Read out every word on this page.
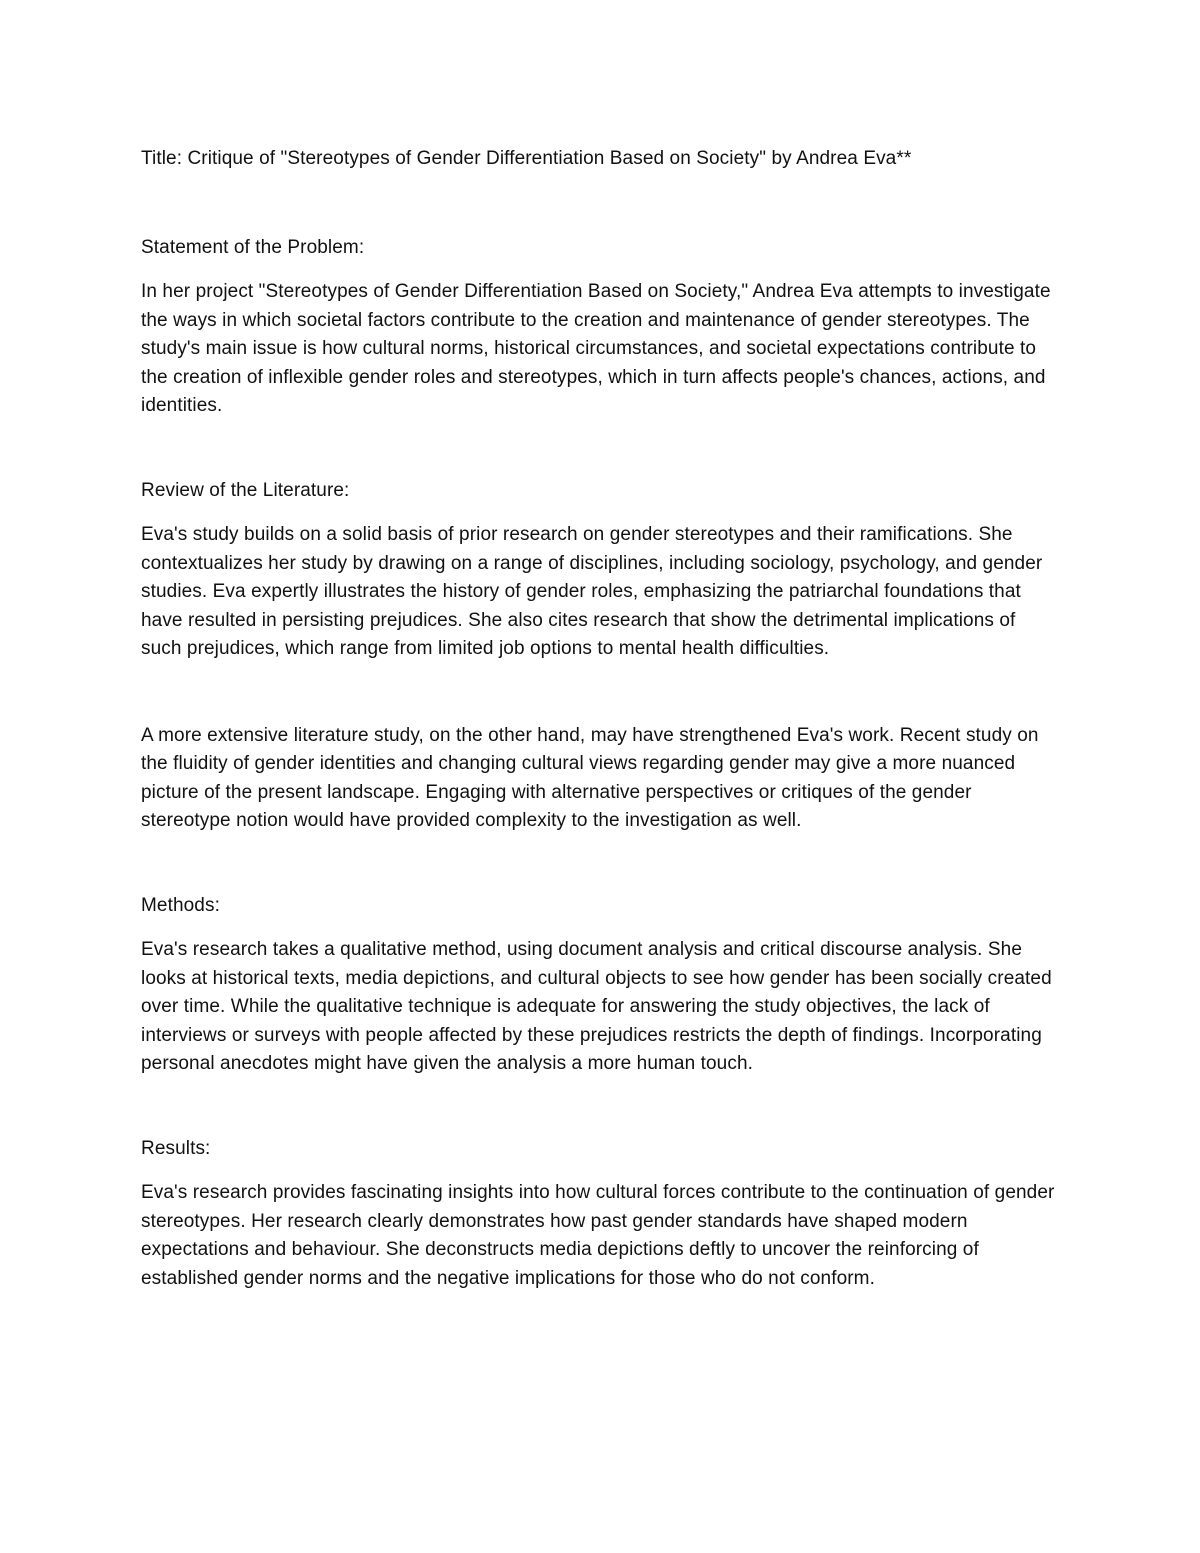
Title: Critique of "Stereotypes of Gender Differentiation Based on Society" by Andrea Eva**

Statement of the Problem:

In her project "Stereotypes of Gender Differentiation Based on Society," Andrea Eva attempts to investigate the ways in which societal factors contribute to the creation and maintenance of gender stereotypes. The study's main issue is how cultural norms, historical circumstances, and societal expectations contribute to the creation of inflexible gender roles and stereotypes, which in turn affects people's chances, actions, and identities.

Review of the Literature:

Eva's study builds on a solid basis of prior research on gender stereotypes and their ramifications. She contextualizes her study by drawing on a range of disciplines, including sociology, psychology, and gender studies. Eva expertly illustrates the history of gender roles, emphasizing the patriarchal foundations that have resulted in persisting prejudices. She also cites research that show the detrimental implications of such prejudices, which range from limited job options to mental health difficulties.

A more extensive literature study, on the other hand, may have strengthened Eva's work. Recent study on the fluidity of gender identities and changing cultural views regarding gender may give a more nuanced picture of the present landscape. Engaging with alternative perspectives or critiques of the gender stereotype notion would have provided complexity to the investigation as well.

Methods:

Eva's research takes a qualitative method, using document analysis and critical discourse analysis. She looks at historical texts, media depictions, and cultural objects to see how gender has been socially created over time. While the qualitative technique is adequate for answering the study objectives, the lack of interviews or surveys with people affected by these prejudices restricts the depth of findings. Incorporating personal anecdotes might have given the analysis a more human touch.

Results:

Eva's research provides fascinating insights into how cultural forces contribute to the continuation of gender stereotypes. Her research clearly demonstrates how past gender standards have shaped modern expectations and behaviour. She deconstructs media depictions deftly to uncover the reinforcing of established gender norms and the negative implications for those who do not conform.
